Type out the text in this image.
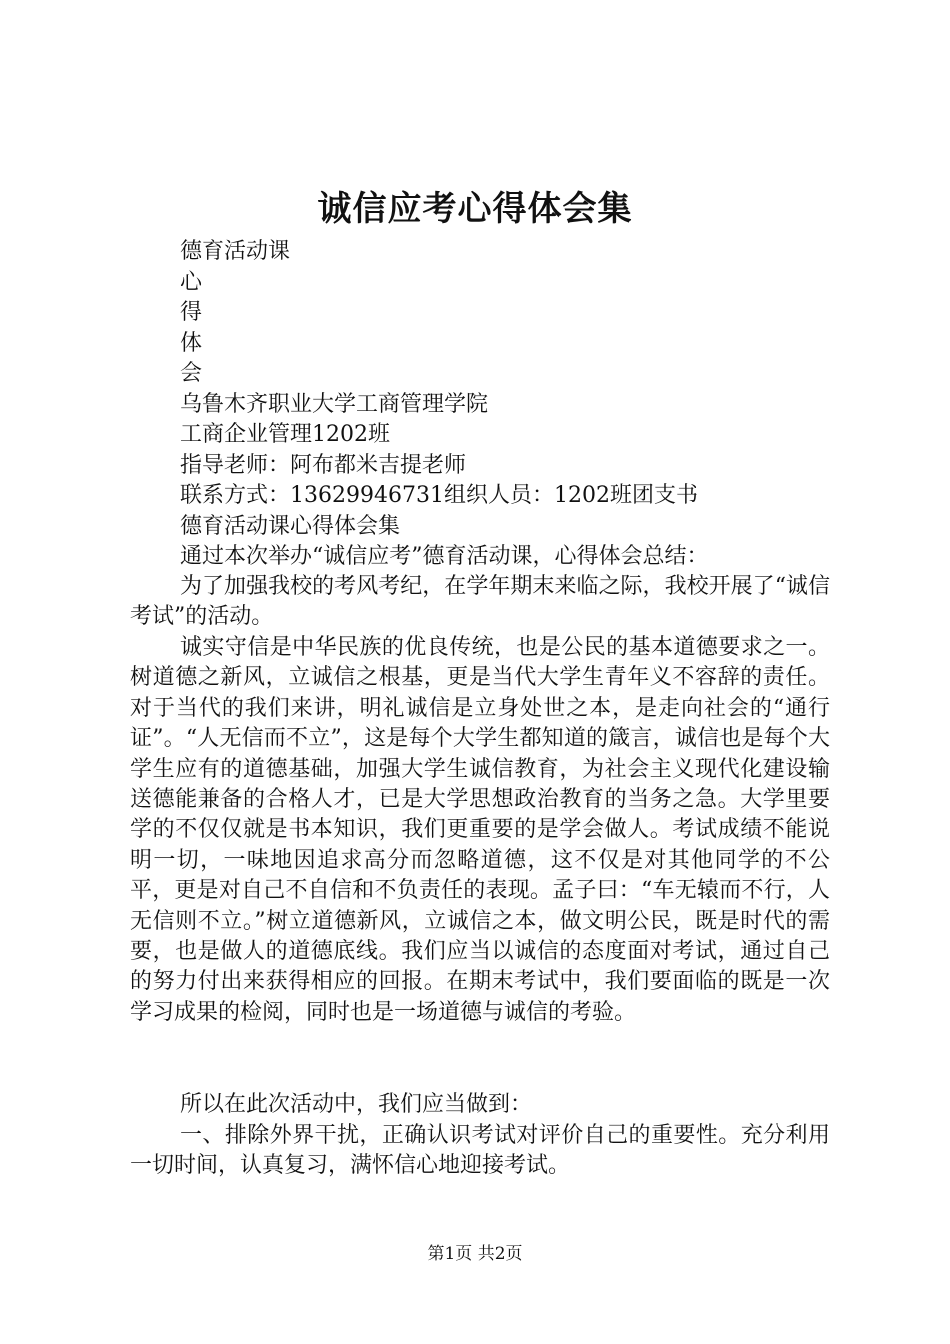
诚信应考心得体会集
德育活动课
心
得
体
会
乌鲁木齐职业大学工商管理学院
工商企业管理1202班
指导老师：阿布都米吉提老师
联系方式：13629946731组织人员：1202班团支书
德育活动课心得体会集
通过本次举办“诚信应考”德育活动课，心得体会总结：
为了加强我校的考风考纪，在学年期末来临之际，我校开展了“诚信考试”的活动。
诚实守信是中华民族的优良传统，也是公民的基本道德要求之一。树道德之新风，立诚信之根基，更是当代大学生青年义不容辞的责任。对于当代的我们来讲，明礼诚信是立身处世之本，是走向社会的“通行证”。“人无信而不立”，这是每个大学生都知道的箴言，诚信也是每个大学生应有的道德基础，加强大学生诚信教育，为社会主义现代化建设输送德能兼备的合格人才，已是大学思想政治教育的当务之急。大学里要学的不仅仅就是书本知识，我们更重要的是学会做人。考试成绩不能说明一切，一味地因追求高分而忽略道德，这不仅是对其他同学的不公平，更是对自己不自信和不负责任的表现。孟子曰：“车无辕而不行，人无信则不立。”树立道德新风，立诚信之本，做文明公民，既是时代的需要，也是做人的道德底线。我们应当以诚信的态度面对考试，通过自己的努力付出来获得相应的回报。在期末考试中，我们要面临的既是一次学习成果的检阅，同时也是一场道德与诚信的考验。
所以在此次活动中，我们应当做到：
一、排除外界干扰，正确认识考试对评价自己的重要性。充分利用一切时间，认真复习，满怀信心地迎接考试。
第1页 共2页
